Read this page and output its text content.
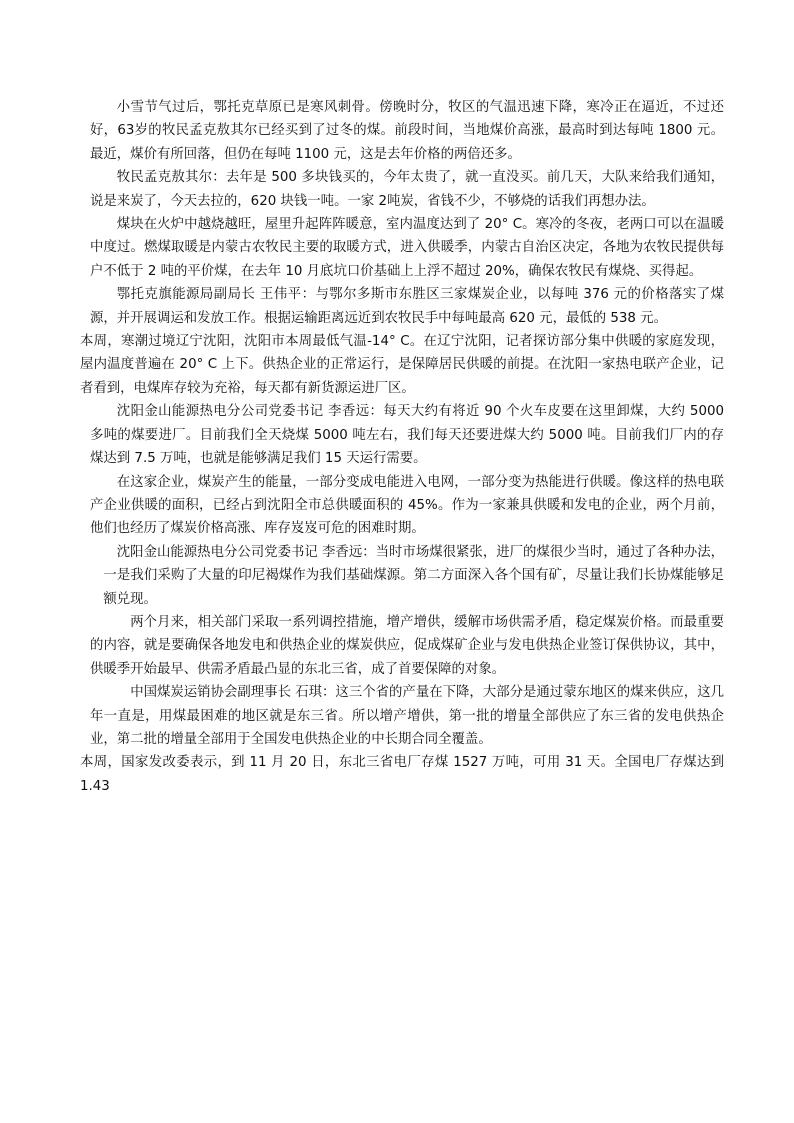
小雪节气过后，鄂托克草原已是寒风刺骨。傍晚时分，牧区的气温迅速下降，寒冷正在逼近，不过还好，63岁的牧民孟克敖其尔已经买到了过冬的煤。前段时间，当地煤价高涨，最高时到达每吨 1800 元。最近，煤价有所回落，但仍在每吨 1100 元，这是去年价格的两倍还多。

牧民孟克敖其尔：去年是 500 多块钱买的，今年太贵了，就一直没买。前几天，大队来给我们通知，说是来炭了，今天去拉的，620 块钱一吨。一家 2吨炭，省钱不少，不够烧的话我们再想办法。

煤块在火炉中越烧越旺，屋里升起阵阵暖意，室内温度达到了 20° C。寒冷的冬夜，老两口可以在温暖中度过。燃煤取暖是内蒙古农牧民主要的取暖方式，进入供暖季，内蒙古自治区决定，各地为农牧民提供每户不低于 2 吨的平价煤，在去年 10 月底坑口价基础上上浮不超过 20%，确保农牧民有煤烧、买得起。

鄂托克旗能源局副局长 王伟平：与鄂尔多斯市东胜区三家煤炭企业，以每吨 376 元的价格落实了煤源，并开展调运和发放工作。根据运输距离远近到农牧民手中每吨最高 620 元，最低的 538 元。

本周，寒潮过境辽宁沈阳，沈阳市本周最低气温-14° C。在辽宁沈阳，记者探访部分集中供暖的家庭发现，屋内温度普遍在 20° C 上下。供热企业的正常运行，是保障居民供暖的前提。在沈阳一家热电联产企业，记者看到，电煤库存较为充裕，每天都有新货源运进厂区。

沈阳金山能源热电分公司党委书记 李香远：每天大约有将近 90 个火车皮要在这里卸煤，大约 5000 多吨的煤要进厂。目前我们全天烧煤 5000 吨左右，我们每天还要进煤大约 5000 吨。目前我们厂内的存煤达到 7.5 万吨，也就是能够满足我们 15 天运行需要。

在这家企业，煤炭产生的能量，一部分变成电能进入电网，一部分变为热能进行供暖。像这样的热电联产企业供暖的面积，已经占到沈阳全市总供暖面积的 45%。作为一家兼具供暖和发电的企业，两个月前，他们也经历了煤炭价格高涨、库存岌岌可危的困难时期。

沈阳金山能源热电分公司党委书记 李香远：当时市场煤很紧张，进厂的煤很少当时，通过了各种办法，一是我们采购了大量的印尼褐煤作为我们基础煤源。第二方面深入各个国有矿，尽量让我们长协煤能够足额兑现。

两个月来，相关部门采取一系列调控措施，增产增供，缓解市场供需矛盾，稳定煤炭价格。而最重要的内容，就是要确保各地发电和供热企业的煤炭供应，促成煤矿企业与发电供热企业签订保供协议，其中，供暖季开始最早、供需矛盾最凸显的东北三省，成了首要保障的对象。

中国煤炭运销协会副理事长 石琪：这三个省的产量在下降，大部分是通过蒙东地区的煤来供应，这几年一直是，用煤最困难的地区就是东三省。所以增产增供，第一批的增量全部供应了东三省的发电供热企业，第二批的增量全部用于全国发电供热企业的中长期合同全覆盖。

本周，国家发改委表示，到 11 月 20 日，东北三省电厂存煤 1527 万吨，可用 31 天。全国电厂存煤达到 1.43
